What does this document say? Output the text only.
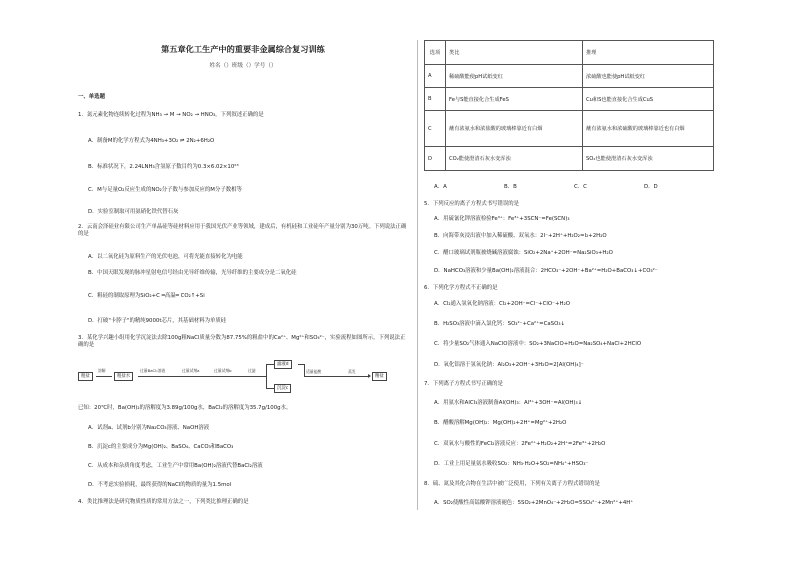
第五章化工生产中的重要非金属综合复习训练
姓名（）班级（）学号（）
一、单选题
1．氮元素化物连续转化过程为NH₃ → M → NO₂ → HNO₃，下列叙述正确的是
A．制备M的化学方程式为4NH₃+3O₂ ⇌ 2N₂+6H₂O
B．标准状况下，2.24LNH₃含氢原子数目约为0.3×6.02×10²³
C．M与足量O₂反应生成的NO₂分子数与参加反应的M分子数相等
D．实验室制取可用氨硝化铁代替石灰
2．云南会泽硅业有限公司生产单晶硅等硅材料应用于我国光伏产业等领域，建成后，有机硅和工业硅年产量分别为30万吨。下列说法正确的是
A．以二氧化硅为原料生产的光伏电池，可将光能直接转化为电能
B．中国天眼发现的脉冲星射电信号经由光导纤维传输，光导纤维的主要成分是二氧化硅
C．粗硅的制取原理为SiO₂+C ═高温═ CO₂↑+Si
D．打破"卡脖子"的精纯9000t芯片，其基础材料为单质硅
3．某化学兴趣小组用化学沉淀法去除100g粗NaCl质量分数为87.75%的粗盐中的Ca²⁺、Mg²⁺和SO₄²⁻，实验流程如图所示，下列说法正确的是
粗盐
溶解
粗盐水
过量BaCl₂溶液	过量试剂a	过量试剂b	过滤
滤液d
沉淀c
适量盐酸	蒸发
精盐
已知：20℃时，Ba(OH)₂的溶解度为3.89g/100g水，BaCl₂的溶解度为35.7g/100g水。
A．试剂a、试剂b分别为Na₂CO₃溶液、NaOH溶液
B．沉淀c的主要成分为Mg(OH)₂、BaSO₄、CaCO₃和BaCO₃
C．从成本和杂质角度考虑，工业生产中常用Ba(OH)₂溶液代替BaCl₂溶液
D．不考虑实验损耗，最终获得的NaCl的物质的量为1.5mol
4．类比推理法是研究物质性质的常用方法之一，下列类比推理正确的是
选项	类比	推理
A	稀硫酸能使pH试纸变红	浓硫酸也能使pH试纸变红
B	Fe与S能直接化合生成FeS	Cu和S也能直接化合生成CuS
C	蘸有浓氨水和浓盐酸的玻璃棒靠近有白烟	蘸有浓氨水和浓硫酸的玻璃棒靠近也有白烟
D	CO₂能使澄清石灰水变浑浊	SO₂也能使澄清石灰水变浑浊
A．A	B．B	C．C	D．D
5．下列反应的离子方程式书写错误的是
A．用硫氰化钾溶液检验Fe³⁺：Fe³⁺+3SCN⁻=Fe(SCN)₃
B．向海带灰浸出液中加入稀硫酸、双氧水：2I⁻+2H⁺+H₂O₂=I₂+2H₂O
C．醋口玻璃试剂瓶被烧碱溶液腐蚀：SiO₂+2Na⁺+2OH⁻=Na₂SiO₃+H₂O
D．NaHCO₃溶液和少量Ba(OH)₂溶液混合：2HCO₃⁻+2OH⁻+Ba²⁺=H₂O+BaCO₃↓+CO₃²⁻
6．下列化学方程式不正确的是
A．Cl₂通入氢氧化钠溶液：Cl₂+2OH⁻=Cl⁻+ClO⁻+H₂O
B．H₂SO₃溶液中滴入氯化钙：SO₃²⁻+Ca²⁺=CaSO₃↓
C．将少量SO₂气体通入NaClO溶液中：SO₂+3NaClO+H₂O=Na₂SO₄+NaCl+2HClO
D．氧化铝溶于氢氧化钠：Al₂O₃+2OH⁻+3H₂O=2[Al(OH)₄]⁻
7．下列离子方程式书写正确的是
A．用氨水和AlCl₃溶液制备Al(OH)₃：Al³⁺+3OH⁻=Al(OH)₃↓
B．醋酸溶解Mg(OH)₂：Mg(OH)₂+2H⁺=Mg²⁺+2H₂O
C．双氧水与酸性的FeCl₂溶液反应：2Fe²⁺+H₂O₂+2H⁺=2Fe³⁺+2H₂O
D．工业上用足量氨水吸收SO₂：NH₃·H₂O+SO₂=NH₄⁺+HSO₃⁻
8．硫、氮及其化合物在生活中被广泛使用，下列有关离子方程式错误的是
A．SO₂使酸性高锰酸钾溶液褪色：5SO₂+2MnO₄⁻+2H₂O=5SO₄²⁻+2Mn²⁺+4H⁺
